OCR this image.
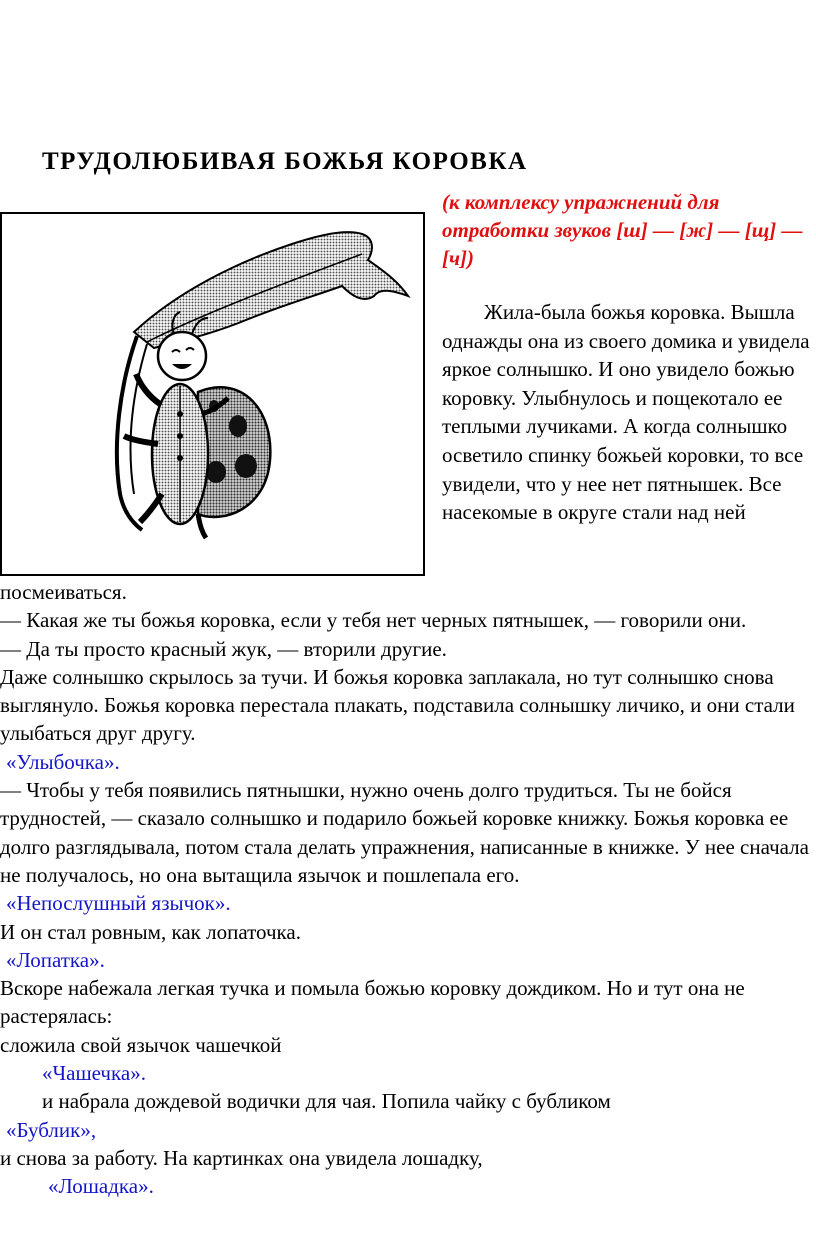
ТРУДОЛЮБИВАЯ БОЖЬЯ КОРОВКА
(к комплексу упражнений для отработки звуков [ш] — [ж] — [щ] — [ч])

Жила-была божья коровка. Вышла однажды она из своего домика и увидела яркое солнышко. И оно увидело божью коровку. Улыбнулось и пощекотало ее теплыми лучиками. А когда солнышко осветило спинку божьей коровки, то все увидели, что у нее нет пятнышек. Все насекомые в округе стали над ней

посмеиваться.

— Какая же ты божья коровка, если у тебя нет черных пятнышек, — говорили они.

— Да ты просто красный жук, — вторили другие.

Даже солнышко скрылось за тучи. И божья коровка заплакала, но тут солнышко снова выглянуло. Божья коровка перестала плакать, подставила солнышку личико, и они стали улыбаться друг другу.

«Улыбочка».

— Чтобы у тебя появились пятнышки, нужно очень долго трудиться. Ты не бойся трудностей, — сказало солнышко и подарило божьей коровке книжку. Божья коровка ее долго разглядывала, потом стала делать упражнения, написанные в книжке. У нее сначала не получалось, но она вытащила язычок и пошлепала его.

«Непослушный язычок».

И он стал ровным, как лопаточка.

«Лопатка».

Вскоре набежала легкая тучка и помыла божью коровку дождиком. Но и тут она не растерялась:

сложила свой язычок чашечкой

«Чашечка».

и набрала дождевой водички для чая. Попила чайку с бубликом

«Бублик»,

и снова за работу. На картинках она увидела лошадку,

«Лошадка».
